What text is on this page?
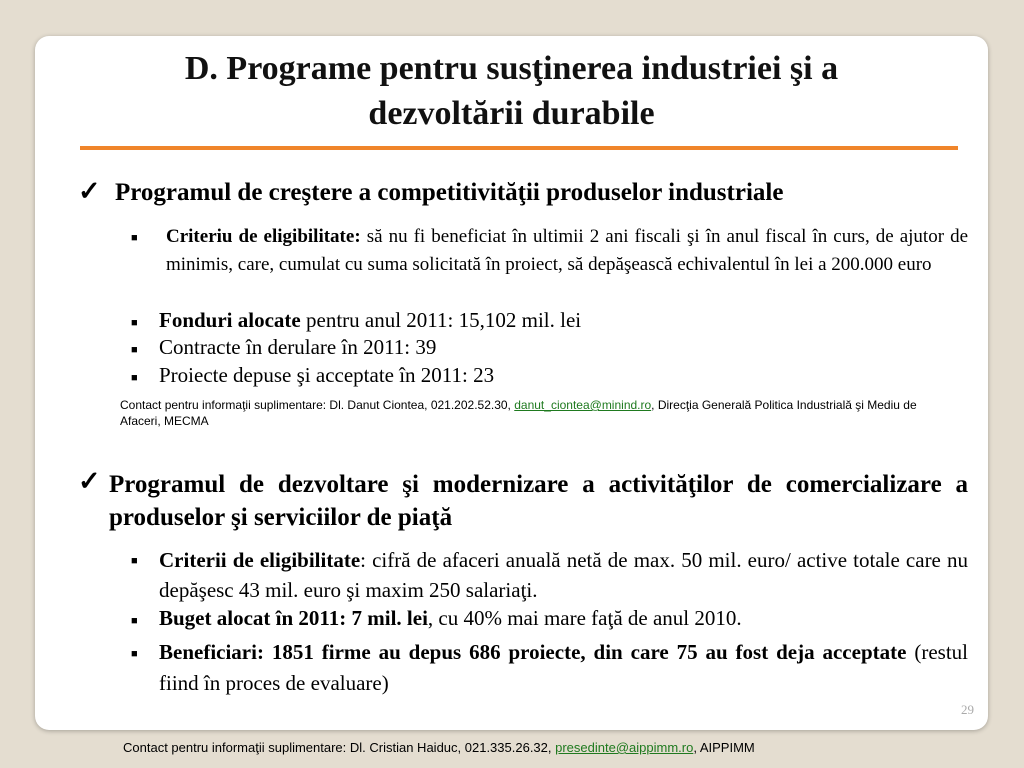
D. Programe pentru susţinerea industriei şi a
dezvoltării durabile
✓ Programul de creştere a competitivităţii produselor industriale
■ Criteriu de eligibilitate: să nu fi beneficiat în ultimii 2 ani fiscali şi în anul fiscal în curs, de ajutor de minimis, care, cumulat cu suma solicitată în proiect, să depăşească echivalentul în lei a 200.000 euro
■ Fonduri alocate pentru anul 2011: 15,102 mil. lei
■ Contracte în derulare în 2011: 39
■ Proiecte depuse şi acceptate în 2011: 23
Contact pentru informaţii suplimentare: Dl. Danut Ciontea, 021.202.52.30, danut_ciontea@minind.ro, Direcţia Generală Politica Industrială şi Mediu de Afaceri, MECMA
✓ Programul de dezvoltare şi modernizare a activităţilor de comercializare a produselor şi serviciilor de piaţă
■ Criterii de eligibilitate: cifră de afaceri anuală netă de max. 50 mil. euro/ active totale care nu depăşesc 43 mil. euro şi maxim 250 salariaţi.
■ Buget alocat în 2011: 7 mil. lei, cu 40% mai mare faţă de anul 2010.
■ Beneficiari: 1851 firme au depus 686 proiecte, din care 75 au fost deja acceptate (restul fiind în proces de evaluare)
29
Contact pentru informaţii suplimentare: Dl. Cristian Haiduc, 021.335.26.32, presedinte@aippimm.ro, AIPPIMM
